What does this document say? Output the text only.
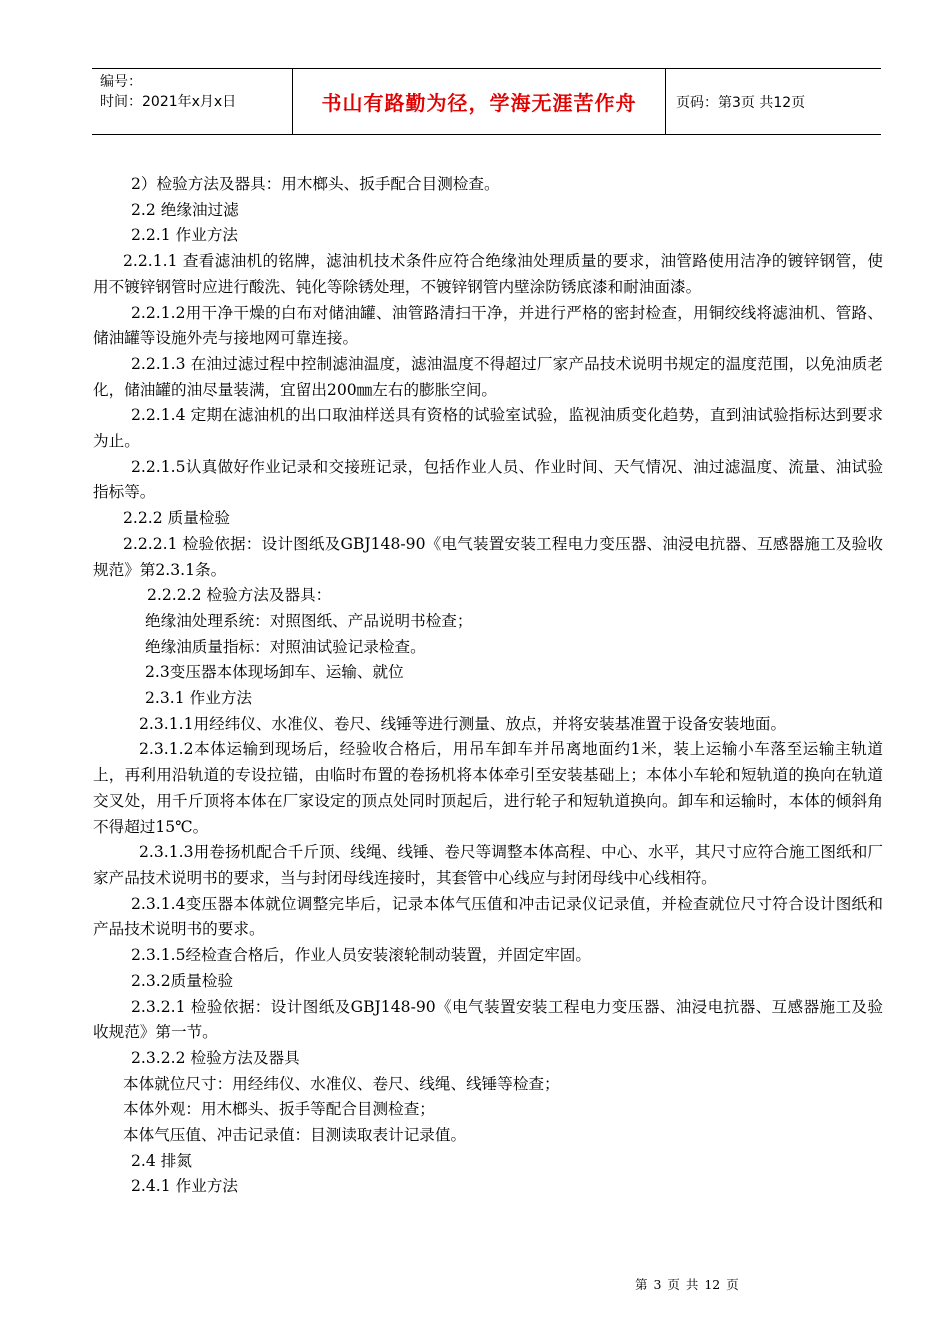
编号：
时间：2021年x月x日	书山有路勤为径，学海无涯苦作舟	页码：第3页 共12页

2）检验方法及器具：用木榔头、扳手配合目测检查。

2.2 绝缘油过滤

2.2.1 作业方法

2.2.1.1 查看滤油机的铭牌，滤油机技术条件应符合绝缘油处理质量的要求，油管路使用洁净的镀锌钢管，使用不镀锌钢管时应进行酸洗、钝化等除锈处理，不镀锌钢管内壁涂防锈底漆和耐油面漆。

2.2.1.2用干净干燥的白布对储油罐、油管路清扫干净，并进行严格的密封检查，用铜绞线将滤油机、管路、储油罐等设施外壳与接地网可靠连接。

2.2.1.3 在油过滤过程中控制滤油温度，滤油温度不得超过厂家产品技术说明书规定的温度范围，以免油质老化，储油罐的油尽量装满，宜留出200㎜左右的膨胀空间。

2.2.1.4 定期在滤油机的出口取油样送具有资格的试验室试验，监视油质变化趋势，直到油试验指标达到要求为止。

2.2.1.5认真做好作业记录和交接班记录，包括作业人员、作业时间、天气情况、油过滤温度、流量、油试验指标等。

2.2.2 质量检验

2.2.2.1 检验依据：设计图纸及GBJ148-90《电气装置安装工程电力变压器、油浸电抗器、互感器施工及验收规范》第2.3.1条。

2.2.2.2 检验方法及器具：

绝缘油处理系统：对照图纸、产品说明书检查；

绝缘油质量指标：对照油试验记录检查。

2.3变压器本体现场卸车、运输、就位

2.3.1 作业方法

2.3.1.1用经纬仪、水准仪、卷尺、线锤等进行测量、放点，并将安装基准置于设备安装地面。

2.3.1.2本体运输到现场后，经验收合格后，用吊车卸车并吊离地面约1米，装上运输小车落至运输主轨道上，再利用沿轨道的专设拉锚，由临时布置的卷扬机将本体牵引至安装基础上；本体小车轮和短轨道的换向在轨道交叉处，用千斤顶将本体在厂家设定的顶点处同时顶起后，进行轮子和短轨道换向。卸车和运输时，本体的倾斜角不得超过15℃。

2.3.1.3用卷扬机配合千斤顶、线绳、线锤、卷尺等调整本体高程、中心、水平，其尺寸应符合施工图纸和厂家产品技术说明书的要求，当与封闭母线连接时，其套管中心线应与封闭母线中心线相符。

2.3.1.4变压器本体就位调整完毕后，记录本体气压值和冲击记录仪记录值，并检查就位尺寸符合设计图纸和产品技术说明书的要求。

2.3.1.5经检查合格后，作业人员安装滚轮制动装置，并固定牢固。

2.3.2质量检验

2.3.2.1 检验依据：设计图纸及GBJ148-90《电气装置安装工程电力变压器、油浸电抗器、互感器施工及验收规范》第一节。

2.3.2.2 检验方法及器具

本体就位尺寸：用经纬仪、水准仪、卷尺、线绳、线锤等检查；

本体外观：用木榔头、扳手等配合目测检查；

本体气压值、冲击记录值：目测读取表计记录值。

2.4 排氮

2.4.1 作业方法

第 3 页 共 12 页
